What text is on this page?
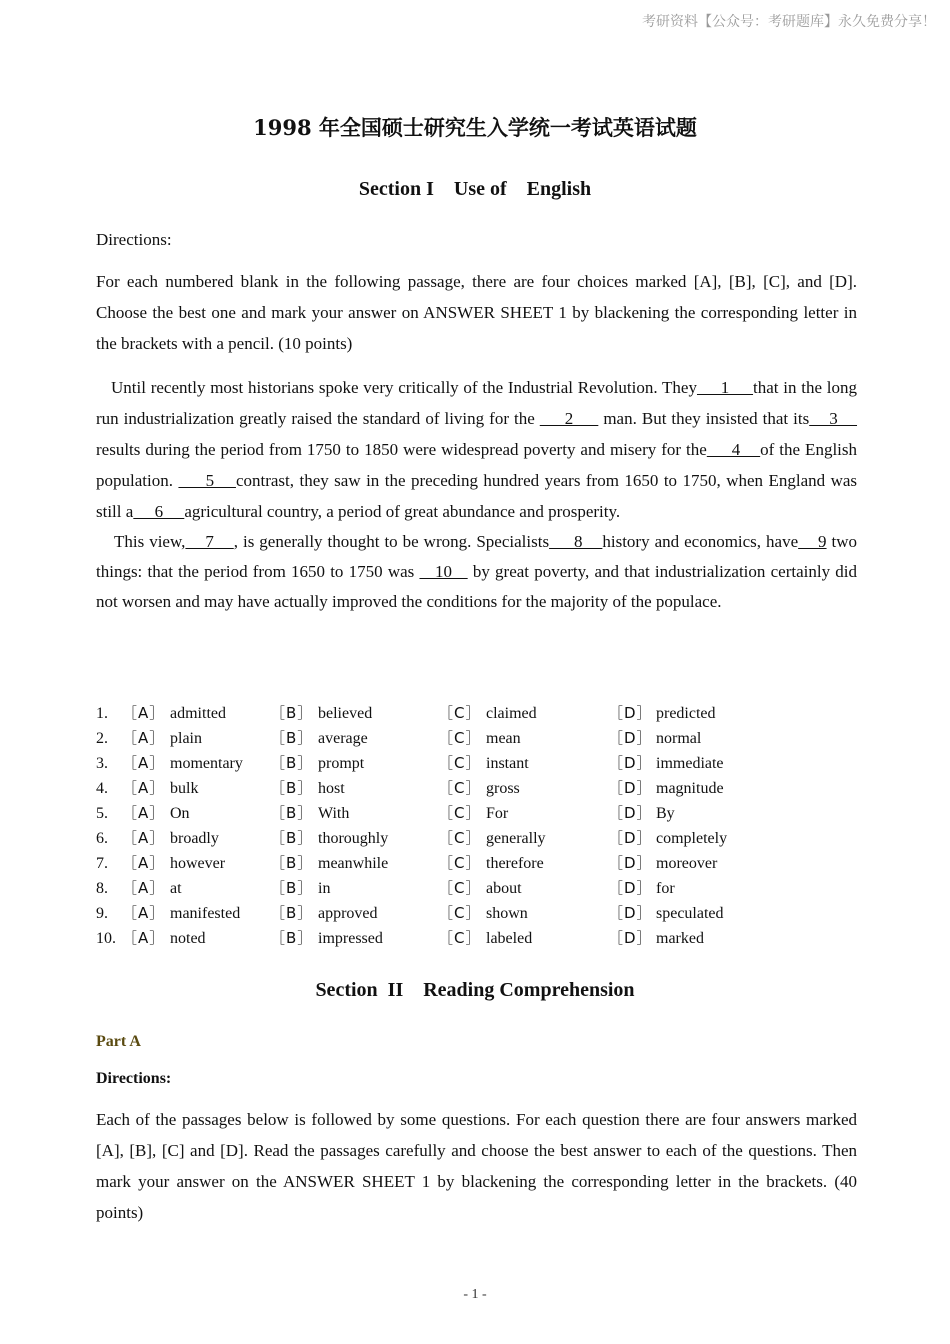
考研资料【公众号：考研题库】永久免费分享！
1998 年全国硕士研究生入学统一考试英语试题
Section I    Use of    English
Directions:

For each numbered blank in the following passage, there are four choices marked [A], [B], [C], and [D]. Choose the best one and mark your answer on ANSWER SHEET 1 by blackening the corresponding letter in the brackets with a pencil. (10 points)

Until recently most historians spoke very critically of the Industrial Revolution. They     1     that in the long run industrialization greatly raised the standard of living for the      2      man. But they insisted that its    3     results during the period from 1750 to 1850 were widespread poverty and misery for the     4    of the English population.      5    contrast, they saw in the preceding hundred years from 1650 to 1750, when England was still a     6     agricultural country, a period of great abundance and prosperity.

This view,    7    , is generally thought to be wrong. Specialists     8    history and economics, have    9 two things: that the period from 1650 to 1750 was    10    by great poverty, and that industrialization certainly did not worsen and may have actually improved the conditions for the majority of the populace.

1.	［A］	admitted	［B］	believed	［C］	claimed	［D］	predicted
2.	［A］	plain	［B］	average	［C］	mean	［D］	normal
3.	［A］	momentary	［B］	prompt	［C］	instant	［D］	immediate
4.	［A］	bulk	［B］	host	［C］	gross	［D］	magnitude
5.	［A］	On	［B］	With	［C］	For	［D］	By
6.	［A］	broadly	［B］	thoroughly	［C］	generally	［D］	completely
7.	［A］	however	［B］	meanwhile	［C］	therefore	［D］	moreover
8.	［A］	at	［B］	in	［C］	about	［D］	for
9.	［A］	manifested	［B］	approved	［C］	shown	［D］	speculated
10.	［A］	noted	［B］	impressed	［C］	labeled	［D］	marked
Section  II    Reading Comprehension
Part A
Directions:

Each of the passages below is followed by some questions. For each question there are four answers marked [A], [B], [C] and [D]. Read the passages carefully and choose the best answer to each of the questions. Then mark your answer on the ANSWER SHEET 1 by blackening the corresponding letter in the brackets. (40 points)

- 1 -
